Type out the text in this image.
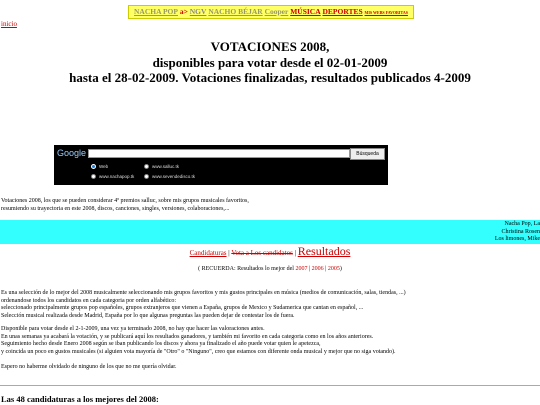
NACHA POP a> NGV NACHO BÉJAR Cooper MÚSICA DEPORTES MIS WEBS FAVORITAS
inicio
VOTACIONES 2008,
disponibles para votar desde el 02-01-2009
hasta el 28-02-2009. Votaciones finalizadas, resultados publicados 4-2009
Google	Búsqueda
Web	www.salluc.tk
www.nachapop.tk	www.sevendedisco.tk
Votaciones 2008, los que se pueden considerar 4º premios salluc, sobre mis grupos musicales favoritos,
resumiendo su trayectoria en este 2008, discos, canciones, singles, versiones, colaboraciones,...
Nacha Pop, La
Christina Rosen
Los limones, Mike
Candidaturas | Vota a Los candidatos | Resultados
( RECUERDA: Resultados lo mejor del 2007 | 2006 | 2005)
Es una selección de lo mejor del 2008 musicalmente seleccionando mis grupos favoritos y mis gustos principales en música (medios de comunicación, salas, tiendas, ...)
ordenandose todos los candidatos en cada categoria por orden alfabético:
seleccionado principalmente grupos pop españoles, grupos extranjeros que vienen a España, grupos de Mexico y Sudamerica que cantan en español, ...
Selección musical realizada desde Madrid, España por lo que algunas preguntas las pueden dejar de contestar los de fuera.
Disponible para votar desde el 2-1-2009, una vez ya terminado 2008, no hay que hacer las valoraciones antes.
En unas semanas ya acabará la votación, y se publicará aquí los resultados ganadores, y también mi favorito en cada categoria como en los años anteriores.
Seguimiento hecho desde Enero 2008 según se iban publicando los discos y ahora ya finalizado el año puede votar quien le apetezca,
y coincida un poco en gustos musicales (si alguien vota mayoría de "Otro" o "Ninguno", creo que estamos con diferente onda musical y mejor que no siga votando).
Espero no haberme olvidado de ninguno de los que no me quería olvidar.
Las 48 candidaturas a los mejores del 2008:
